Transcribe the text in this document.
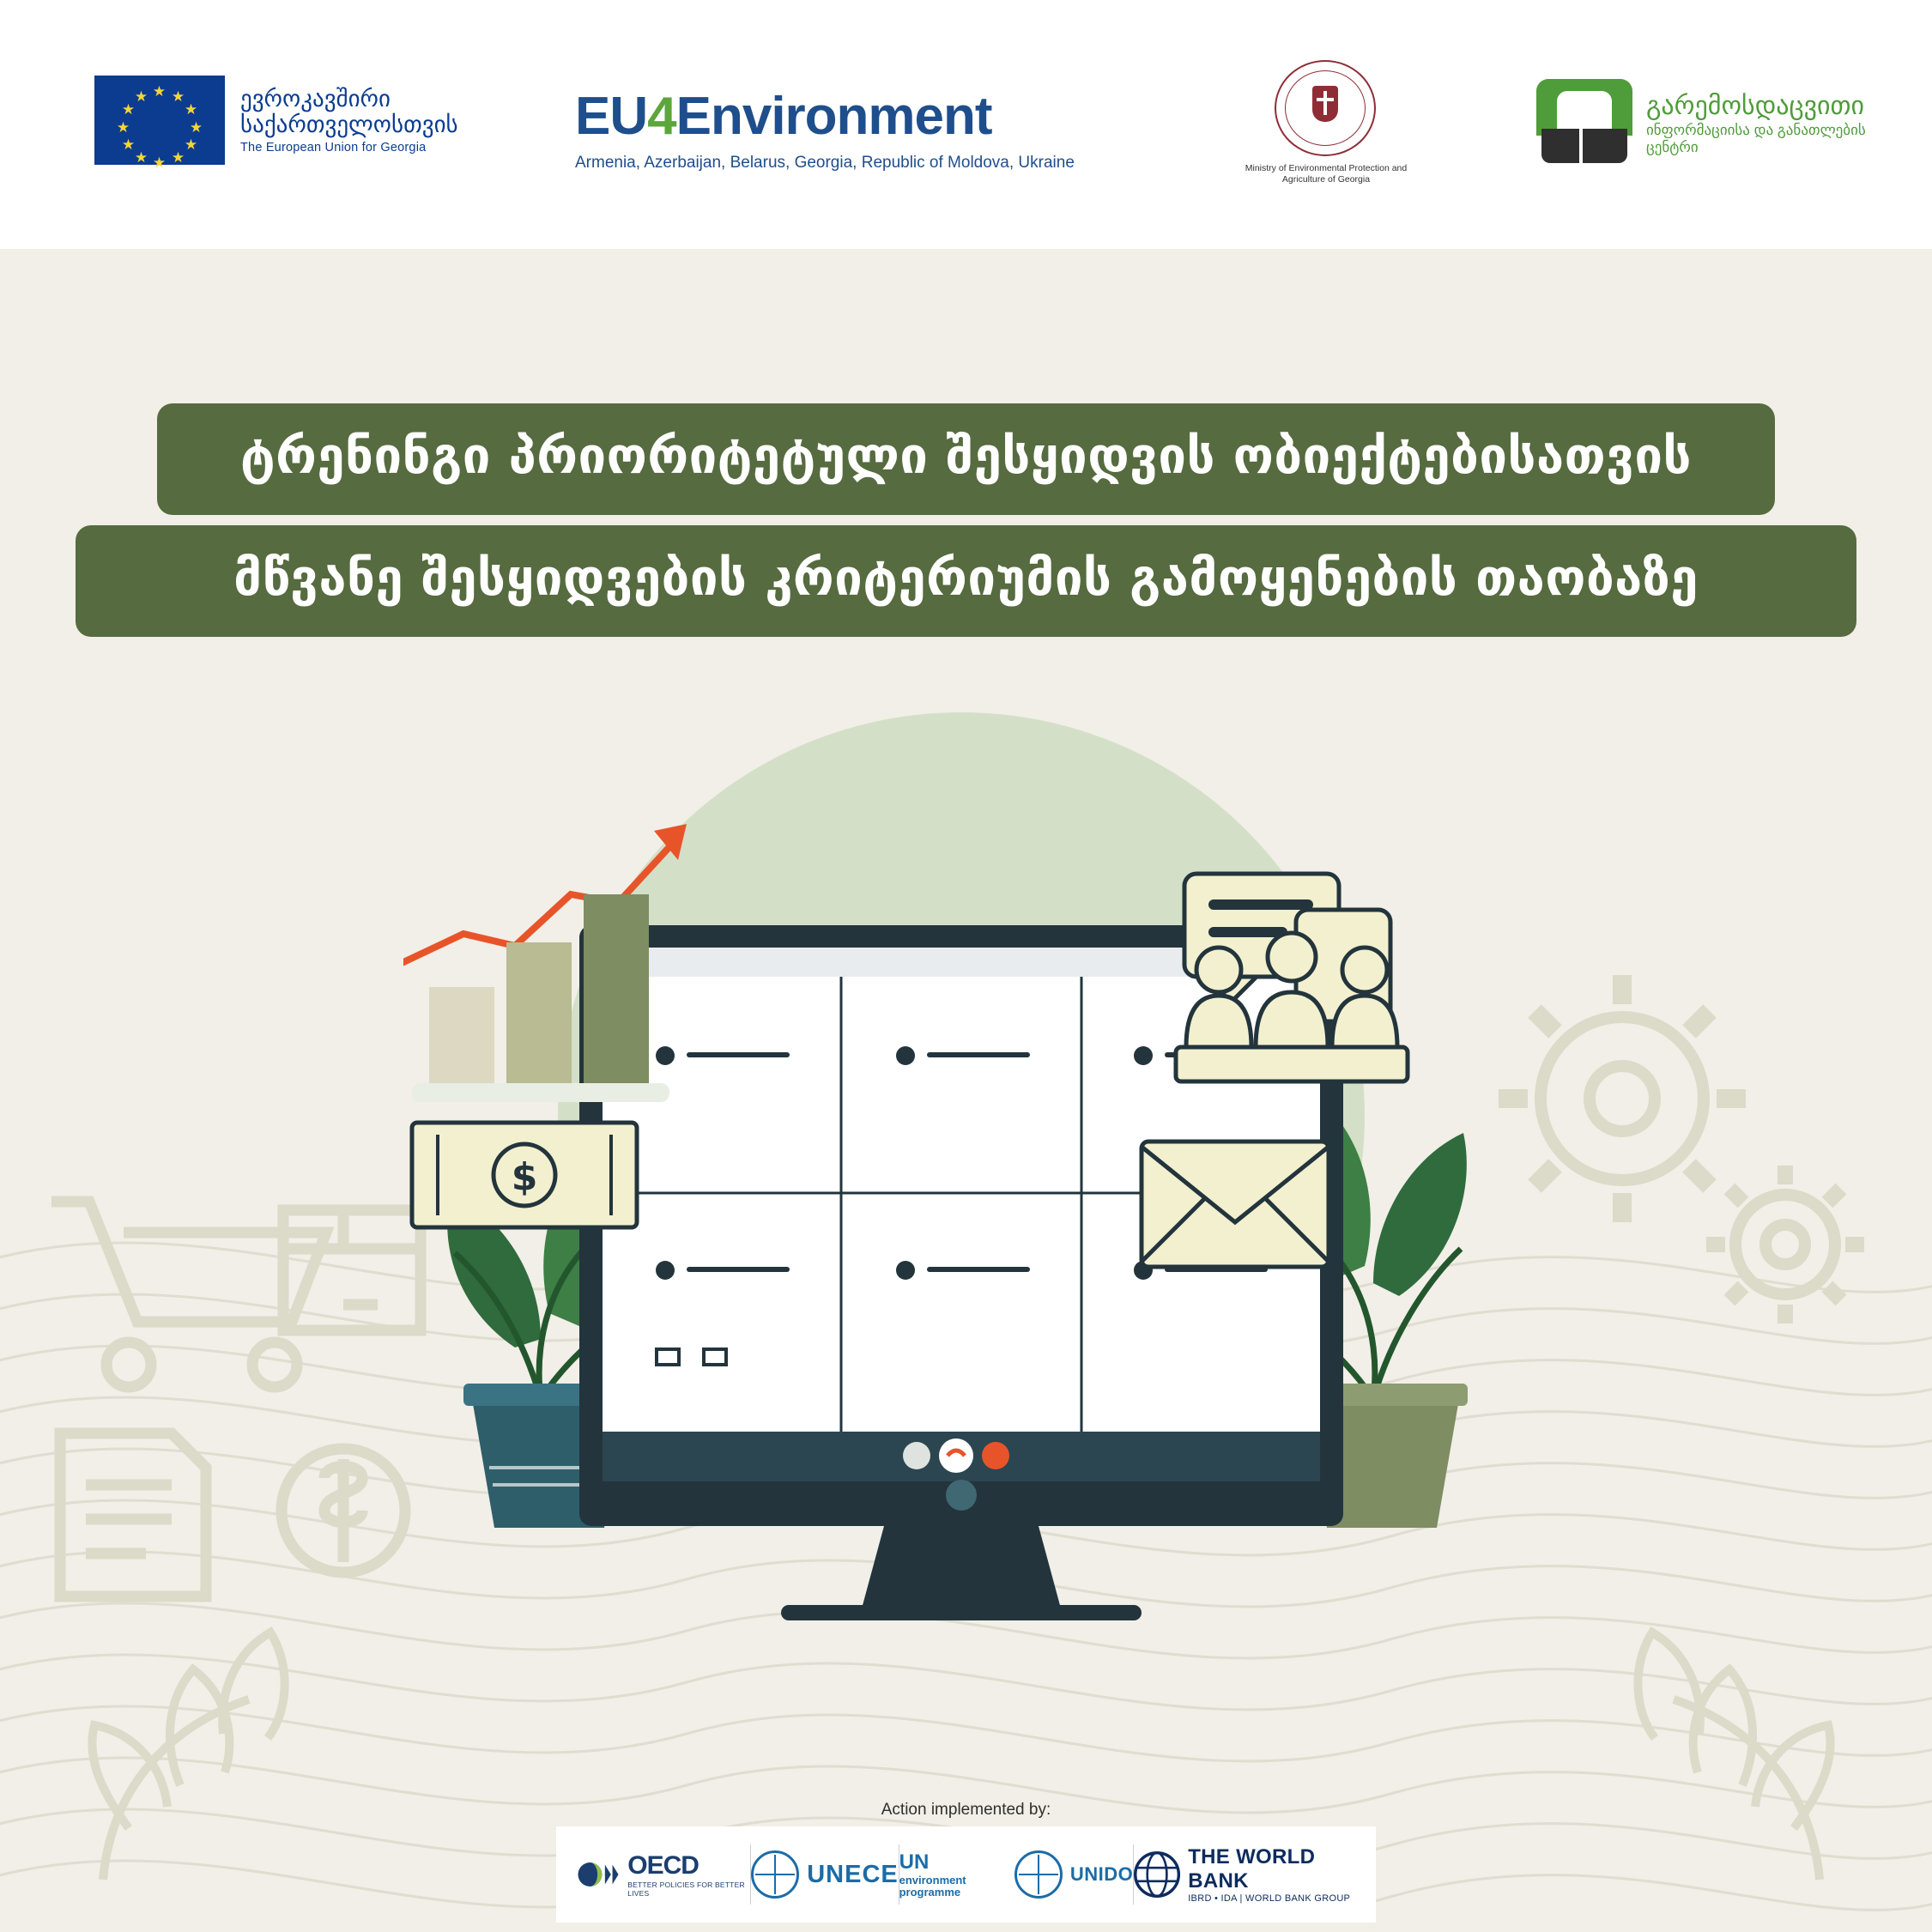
★ ★
★
★
★
★
★
★
★
★
★
★	ევროკავშირი
საქართველოსთვის
The European Union for Georgia
EU4Environment
Armenia, Azerbaijan, Belarus, Georgia, Republic of Moldova, Ukraine	Ministry of Environmental Protection and Agriculture of Georgia
გარემოსდაცვითი
ინფორმაციისა და განათლების
ცენტრი
ტრენინგი პრიორიტეტული შესყიდვის ობიექტებისათვის
მწვანე შესყიდვების კრიტერიუმის გამოყენების თაობაზე
$
Action implemented by:
OECD
BETTER POLICIES FOR BETTER LIVES
UNECE UN
environment programme
UNIDO
THE WORLD BANK
IBRD • IDA | WORLD BANK GROUP
